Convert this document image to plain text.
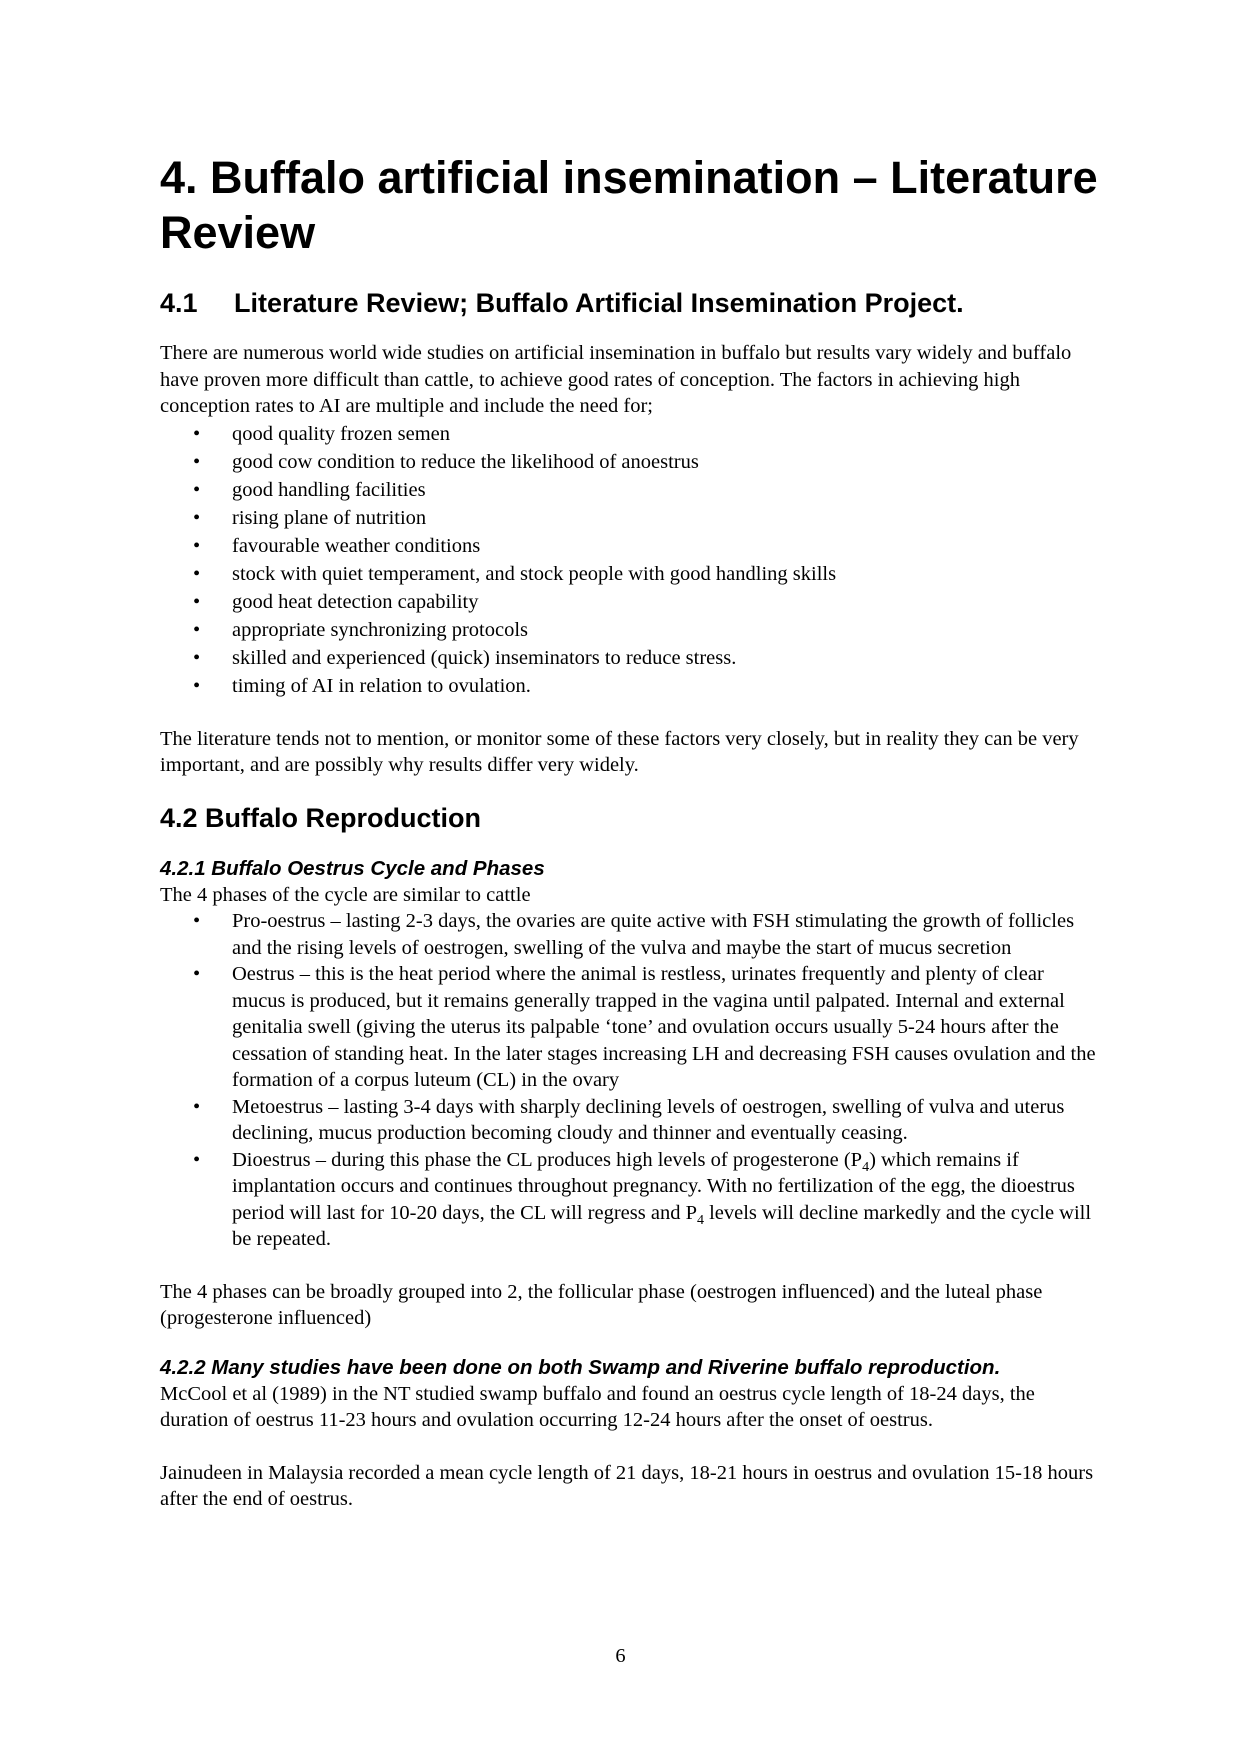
4. Buffalo artificial insemination – Literature Review
4.1 Literature Review; Buffalo Artificial Insemination Project.

There are numerous world wide studies on artificial insemination in buffalo but results vary widely and buffalo have proven more difficult than cattle, to achieve good rates of conception. The factors in achieving high conception rates to AI are multiple and include the need for;

• qood quality frozen semen
• good cow condition to reduce the likelihood of anoestrus
• good handling facilities
• rising plane of nutrition
• favourable weather conditions
• stock with quiet temperament, and stock people with good handling skills
• good heat detection capability
• appropriate synchronizing protocols
• skilled and experienced (quick) inseminators to reduce stress.
• timing of AI in relation to ovulation.

The literature tends not to mention, or monitor some of these factors very closely, but in reality they can be very important, and are possibly why results differ very widely.

4.2 Buffalo Reproduction
4.2.1 Buffalo Oestrus Cycle and Phases

The 4 phases of the cycle are similar to cattle

• Pro-oestrus – lasting 2-3 days, the ovaries are quite active with FSH stimulating the growth of follicles and the rising levels of oestrogen, swelling of the vulva and maybe the start of mucus secretion
• Oestrus – this is the heat period where the animal is restless, urinates frequently and plenty of clear mucus is produced, but it remains generally trapped in the vagina until palpated. Internal and external genitalia swell (giving the uterus its palpable ‘tone’ and ovulation occurs usually 5-24 hours after the cessation of standing heat. In the later stages increasing LH and decreasing FSH causes ovulation and the formation of a corpus luteum (CL) in the ovary
• Metoestrus – lasting 3-4 days with sharply declining levels of oestrogen, swelling of vulva and uterus declining, mucus production becoming cloudy and thinner and eventually ceasing.
• Dioestrus – during this phase the CL produces high levels of progesterone $(P_4)$ which remains if implantation occurs and continues throughout pregnancy. With no fertilization of the egg, the dioestrus period will last for 10-20 days, the CL will regress and $P_4$ levels will decline markedly and the cycle will be repeated.

The 4 phases can be broadly grouped into 2, the follicular phase (oestrogen influenced) and the luteal phase (progesterone influenced)

4.2.2 Many studies have been done on both Swamp and Riverine buffalo reproduction.

McCool et al (1989) in the NT studied swamp buffalo and found an oestrus cycle length of 18-24 days, the duration of oestrus 11-23 hours and ovulation occurring 12-24 hours after the onset of oestrus.

Jainudeen in Malaysia recorded a mean cycle length of 21 days, 18-21 hours in oestrus and ovulation 15-18 hours after the end of oestrus.

6
